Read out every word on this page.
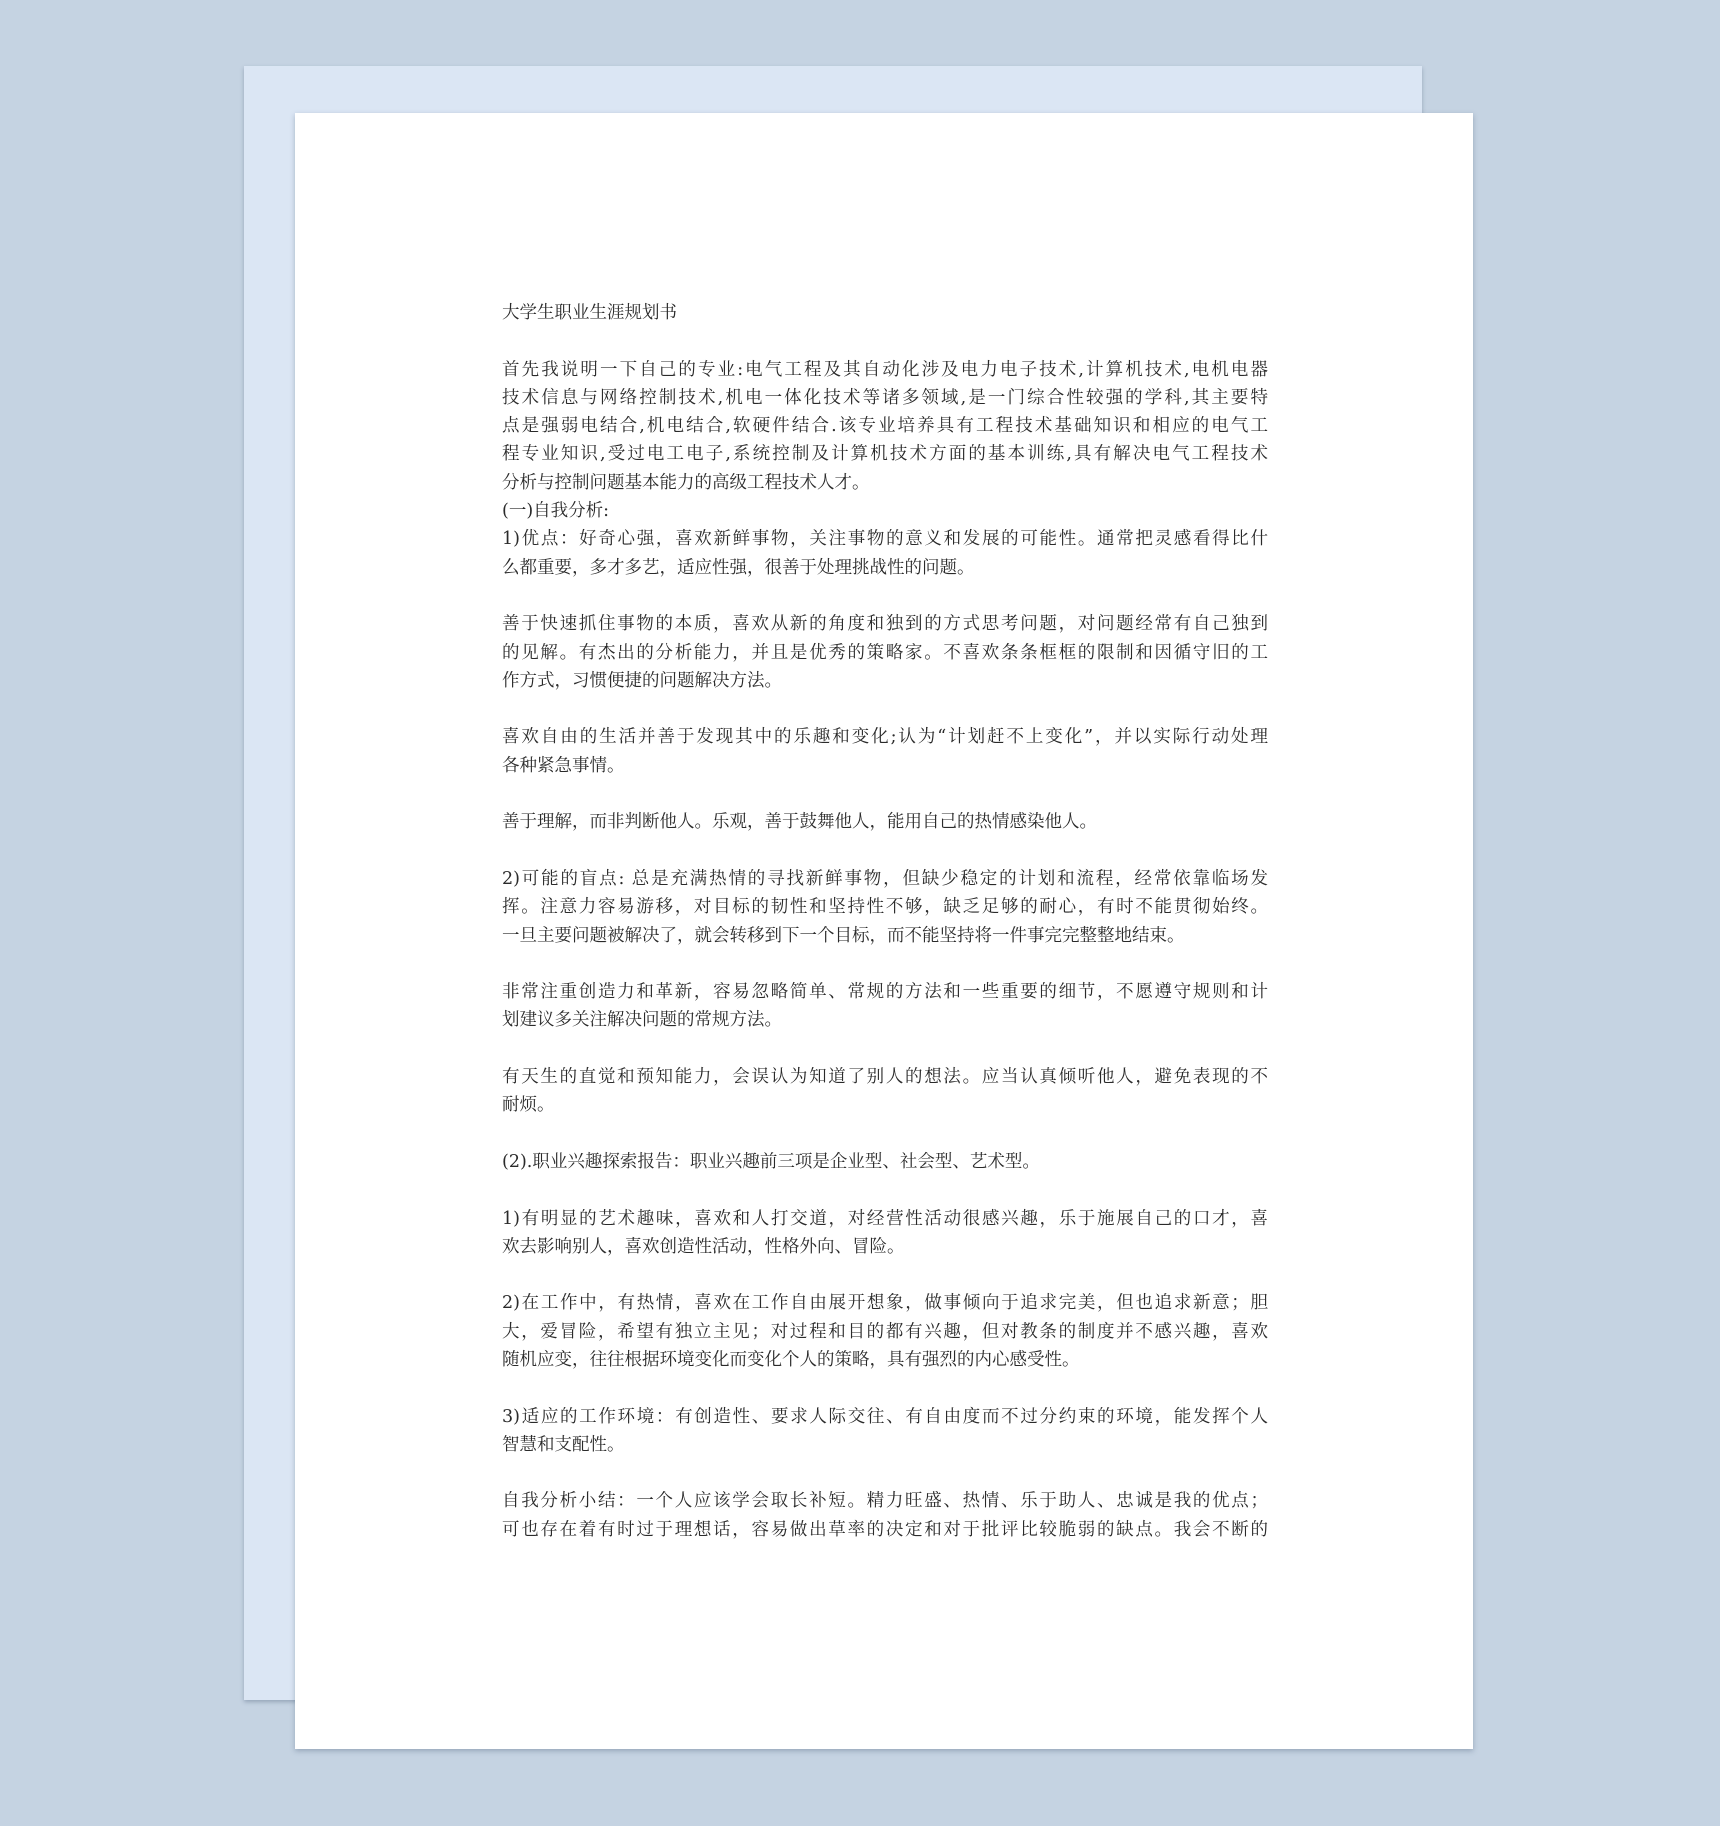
大学生职业生涯规划书
首先我说明一下自己的专业:电气工程及其自动化涉及电力电子技术,计算机技术,电机电器
技术信息与网络控制技术,机电一体化技术等诸多领域,是一门综合性较强的学科,其主要特
点是强弱电结合,机电结合,软硬件结合.该专业培养具有工程技术基础知识和相应的电气工
程专业知识,受过电工电子,系统控制及计算机技术方面的基本训练,具有解决电气工程技术
分析与控制问题基本能力的高级工程技术人才。
(一)自我分析:
1)优点：好奇心强，喜欢新鲜事物，关注事物的意义和发展的可能性。通常把灵感看得比什
么都重要，多才多艺，适应性强，很善于处理挑战性的问题。
善于快速抓住事物的本质，喜欢从新的角度和独到的方式思考问题，对问题经常有自己独到
的见解。有杰出的分析能力，并且是优秀的策略家。不喜欢条条框框的限制和因循守旧的工
作方式，习惯便捷的问题解决方法。
喜欢自由的生活并善于发现其中的乐趣和变化;认为“计划赶不上变化”，并以实际行动处理
各种紧急事情。
善于理解，而非判断他人。乐观，善于鼓舞他人，能用自己的热情感染他人。
2)可能的盲点: 总是充满热情的寻找新鲜事物，但缺少稳定的计划和流程，经常依靠临场发
挥。注意力容易游移，对目标的韧性和坚持性不够，缺乏足够的耐心，有时不能贯彻始终。
一旦主要问题被解决了，就会转移到下一个目标，而不能坚持将一件事完完整整地结束。
非常注重创造力和革新，容易忽略简单、常规的方法和一些重要的细节，不愿遵守规则和计
划建议多关注解决问题的常规方法。
有天生的直觉和预知能力，会误认为知道了别人的想法。应当认真倾听他人，避免表现的不
耐烦。
(2).职业兴趣探索报告：职业兴趣前三项是企业型、社会型、艺术型。
1)有明显的艺术趣味，喜欢和人打交道，对经营性活动很感兴趣，乐于施展自己的口才，喜
欢去影响别人，喜欢创造性活动，性格外向、冒险。
2)在工作中，有热情，喜欢在工作自由展开想象，做事倾向于追求完美，但也追求新意；胆
大，爱冒险，希望有独立主见；对过程和目的都有兴趣，但对教条的制度并不感兴趣，喜欢
随机应变，往往根据环境变化而变化个人的策略，具有强烈的内心感受性。
3)适应的工作环境：有创造性、要求人际交往、有自由度而不过分约束的环境，能发挥个人
智慧和支配性。
自我分析小结：一个人应该学会取长补短。精力旺盛、热情、乐于助人、忠诚是我的优点；
可也存在着有时过于理想话，容易做出草率的决定和对于批评比较脆弱的缺点。我会不断的
